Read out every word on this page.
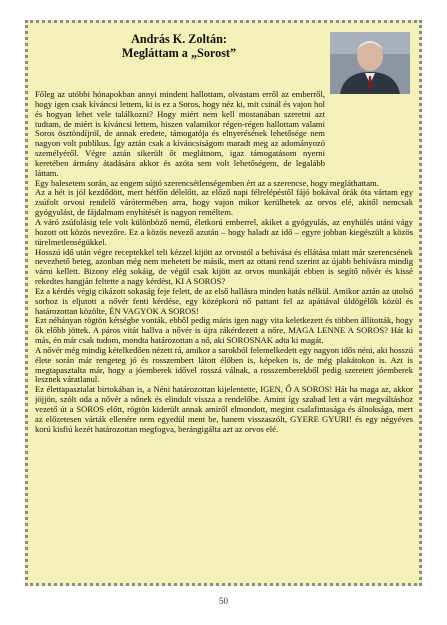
András K. Zoltán:
Megláttam a „Sorost”

Főleg az utóbbi hónapokban annyi mindent hallottam, olvastam erről az emberről, hogy igen csak kíváncsi lettem, ki is ez a Soros, hogy néz ki, mit csinál és vajon hol és hogyan lehet vele találkozni? Hogy miért nem kell mostanában szeretni azt tudtam, de miért is kíváncsi lettem, hiszen valamikor régen-régen hallottam valami Soros ösztöndíjról, de annak eredete, támogatója és elnyerésének lehetősége nem nagyon volt publikus. Így aztán csak a kíváncsiságom maradt meg az adományozó személyéről. Végre aztán sikerült őt meglátnom, igaz támogatásom nyerni keretében ármány átadására akkor és azóta sem volt lehetőségem, de legalább láttam.

Egy balesetem során, az engem sújtó szerencsétlenségemben ért az a szerencse, hogy megláthattam.

Az a hét is jól kezdődött, mert hétfőn délelőtt, az előző napi félrelépéstől fájó bokával órák óta vártam egy zsúfolt orvosi rendelő várótermében arra, hogy vajon mikor kerülhetek az orvos elé, akitől nemcsak gyógyulást, de fájdalmam enyhítését is nagyon reméltem.

A váró zsúfolásig tele volt különböző nemű, életkorú emberrel, akiket a gyógyulás, az enyhülés utáni vágy hozott ott közös nevezőre. Ez a közös nevező azután – hogy haladt az idő – egyre jobban kiegészült a közös türelmetlenségükkel.

Hosszú idő után végre receptekkel teli kézzel kijött az orvostól a behívása és ellátása miatt már szerencsének nevezhető beteg, azonban még nem mehetett be másik, mert az ottani rend szerint az újabb behívásra mindig várni kellett. Bizony elég sokáig, de végül csak kijött az orvos munkáját ebben is segítő nővér és kissé rekedtes hangján feltette a nagy kérdést, KI A SOROS?

Ez a kérdés végig cikázott sokaság feje felett, de az első hallásra minden hatás nélkül. Amikor aztán az utolsó sorhoz is eljutott a nővér fenti kérdése, egy középkorú nő pattant fel az apátiával üldögélők közül és határozottan közölte, ÉN VAGYOK A SOROS!

Ezt néhányan rögtön kétségbe vonták, ebből pedig máris igen nagy vita keletkezett és többen állították, hogy ők előbb jöttek. A páros vitát hallva a nővér is újra rákérdezett a nőre, MAGA LENNE A SOROS? Hát ki más, én már csak tudom, mondta határozottan a nő, aki SOROSNAK adta ki magát.

A nővér még mindig kételkedően nézett rá, amikor a sarokból felemelkedett egy nagyon idős néni, aki hosszú élete során már rengeteg jó és rosszembert látott élőben is, képeken is, de még plakátokon is. Azt is megtapasztalta már, hogy a jóemberek idővel rosszá válnak, a rosszemberekből pedig szeretett jóemberek lesznek váratlanul.

Ez élettapasztalat birtokában is, a Néni határozottan kijelentette, IGEN, Ő A SOROS! Hát ha maga az, akkor jöjjön, szólt oda a nővér a nőnek és elindult vissza a rendelőbe. Amint így szabad lett a várt megváltáshoz vezető út a SOROS előtt, rögtön kiderült annak amiről elmondott, megint csalafintasága és álnoksága, mert az előzetesen várták ellenére nem egyedül ment be, hanem visszaszólt, GYERE GYURI! és egy négyéves korú kisfiú kezét határozottan megfogva, berángigálta azt az orvos elé.

50
